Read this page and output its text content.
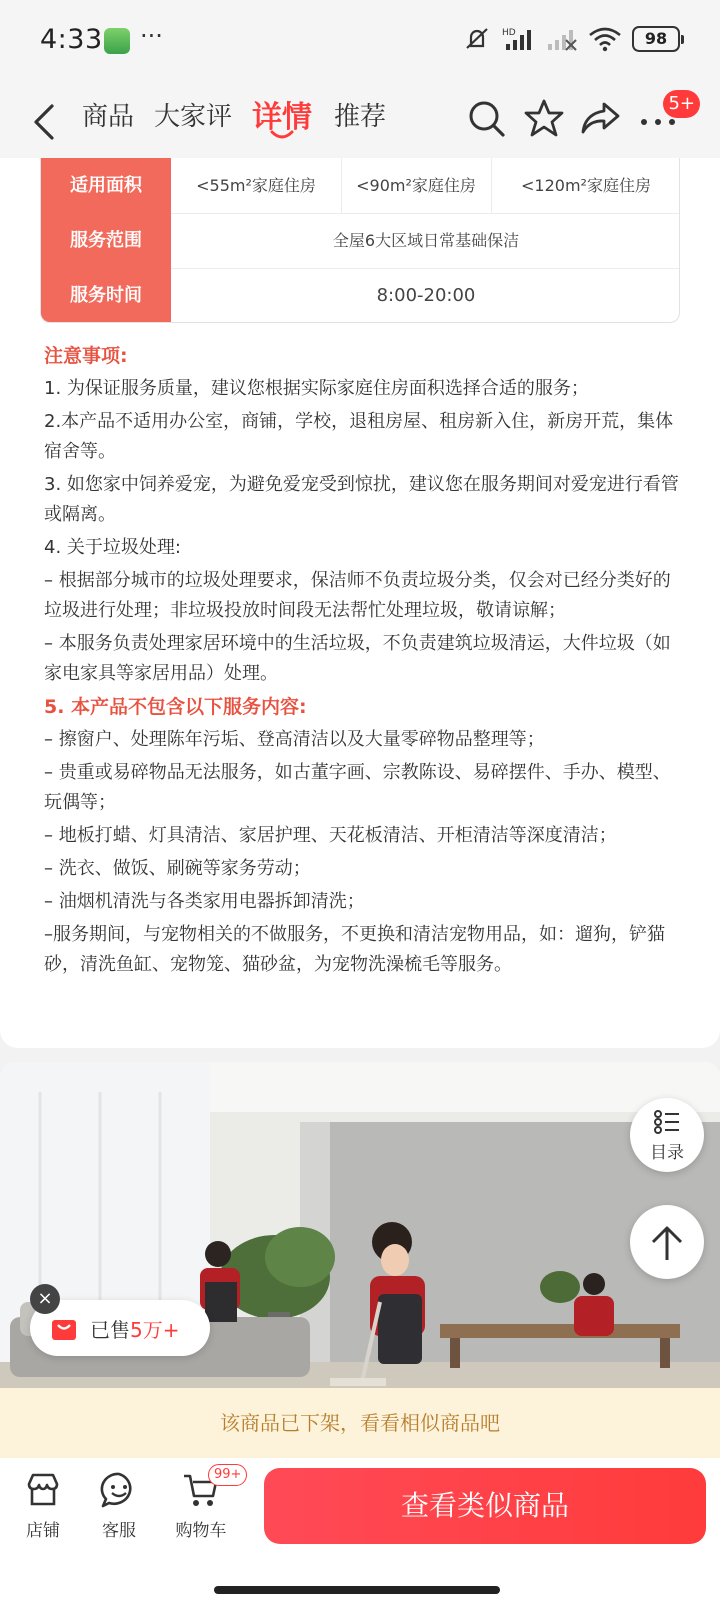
4:33 ···	HD	98
商品 大家评 详情 推荐	5+
适用面积	<55m²家庭住房	<90m²家庭住房	<120m²家庭住房
服务范围	全屋6大区域日常基础保洁
服务时间	8:00-20:00

注意事项:

1. 为保证服务质量，建议您根据实际家庭住房面积选择合适的服务；

2.本产品不适用办公室，商铺，学校，退租房屋、租房新入住，新房开荒，集体宿舍等。

3. 如您家中饲养爱宠，为避免爱宠受到惊扰，建议您在服务期间对爱宠进行看管或隔离。

4. 关于垃圾处理:

– 根据部分城市的垃圾处理要求，保洁师不负责垃圾分类，仅会对已经分类好的垃圾进行处理；非垃圾投放时间段无法帮忙处理垃圾，敬请谅解；

– 本服务负责处理家居环境中的生活垃圾，不负责建筑垃圾清运，大件垃圾（如家电家具等家居用品）处理。

5. 本产品不包含以下服务内容:

– 擦窗户、处理陈年污垢、登高清洁以及大量零碎物品整理等；

– 贵重或易碎物品无法服务，如古董字画、宗教陈设、易碎摆件、手办、模型、玩偶等；

– 地板打蜡、灯具清洁、家居护理、天花板清洁、开柜清洁等深度清洁；

– 洗衣、做饭、刷碗等家务劳动；

– 油烟机清洗与各类家用电器拆卸清洗；

–服务期间，与宠物相关的不做服务，不更换和清洁宠物用品，如：遛狗，铲猫砂，清洗鱼缸、宠物笼、猫砂盆，为宠物洗澡梳毛等服务。

目录
已售5万+
×
该商品已下架，看看相似商品吧
店铺	客服
99+
购物车
查看类似商品
